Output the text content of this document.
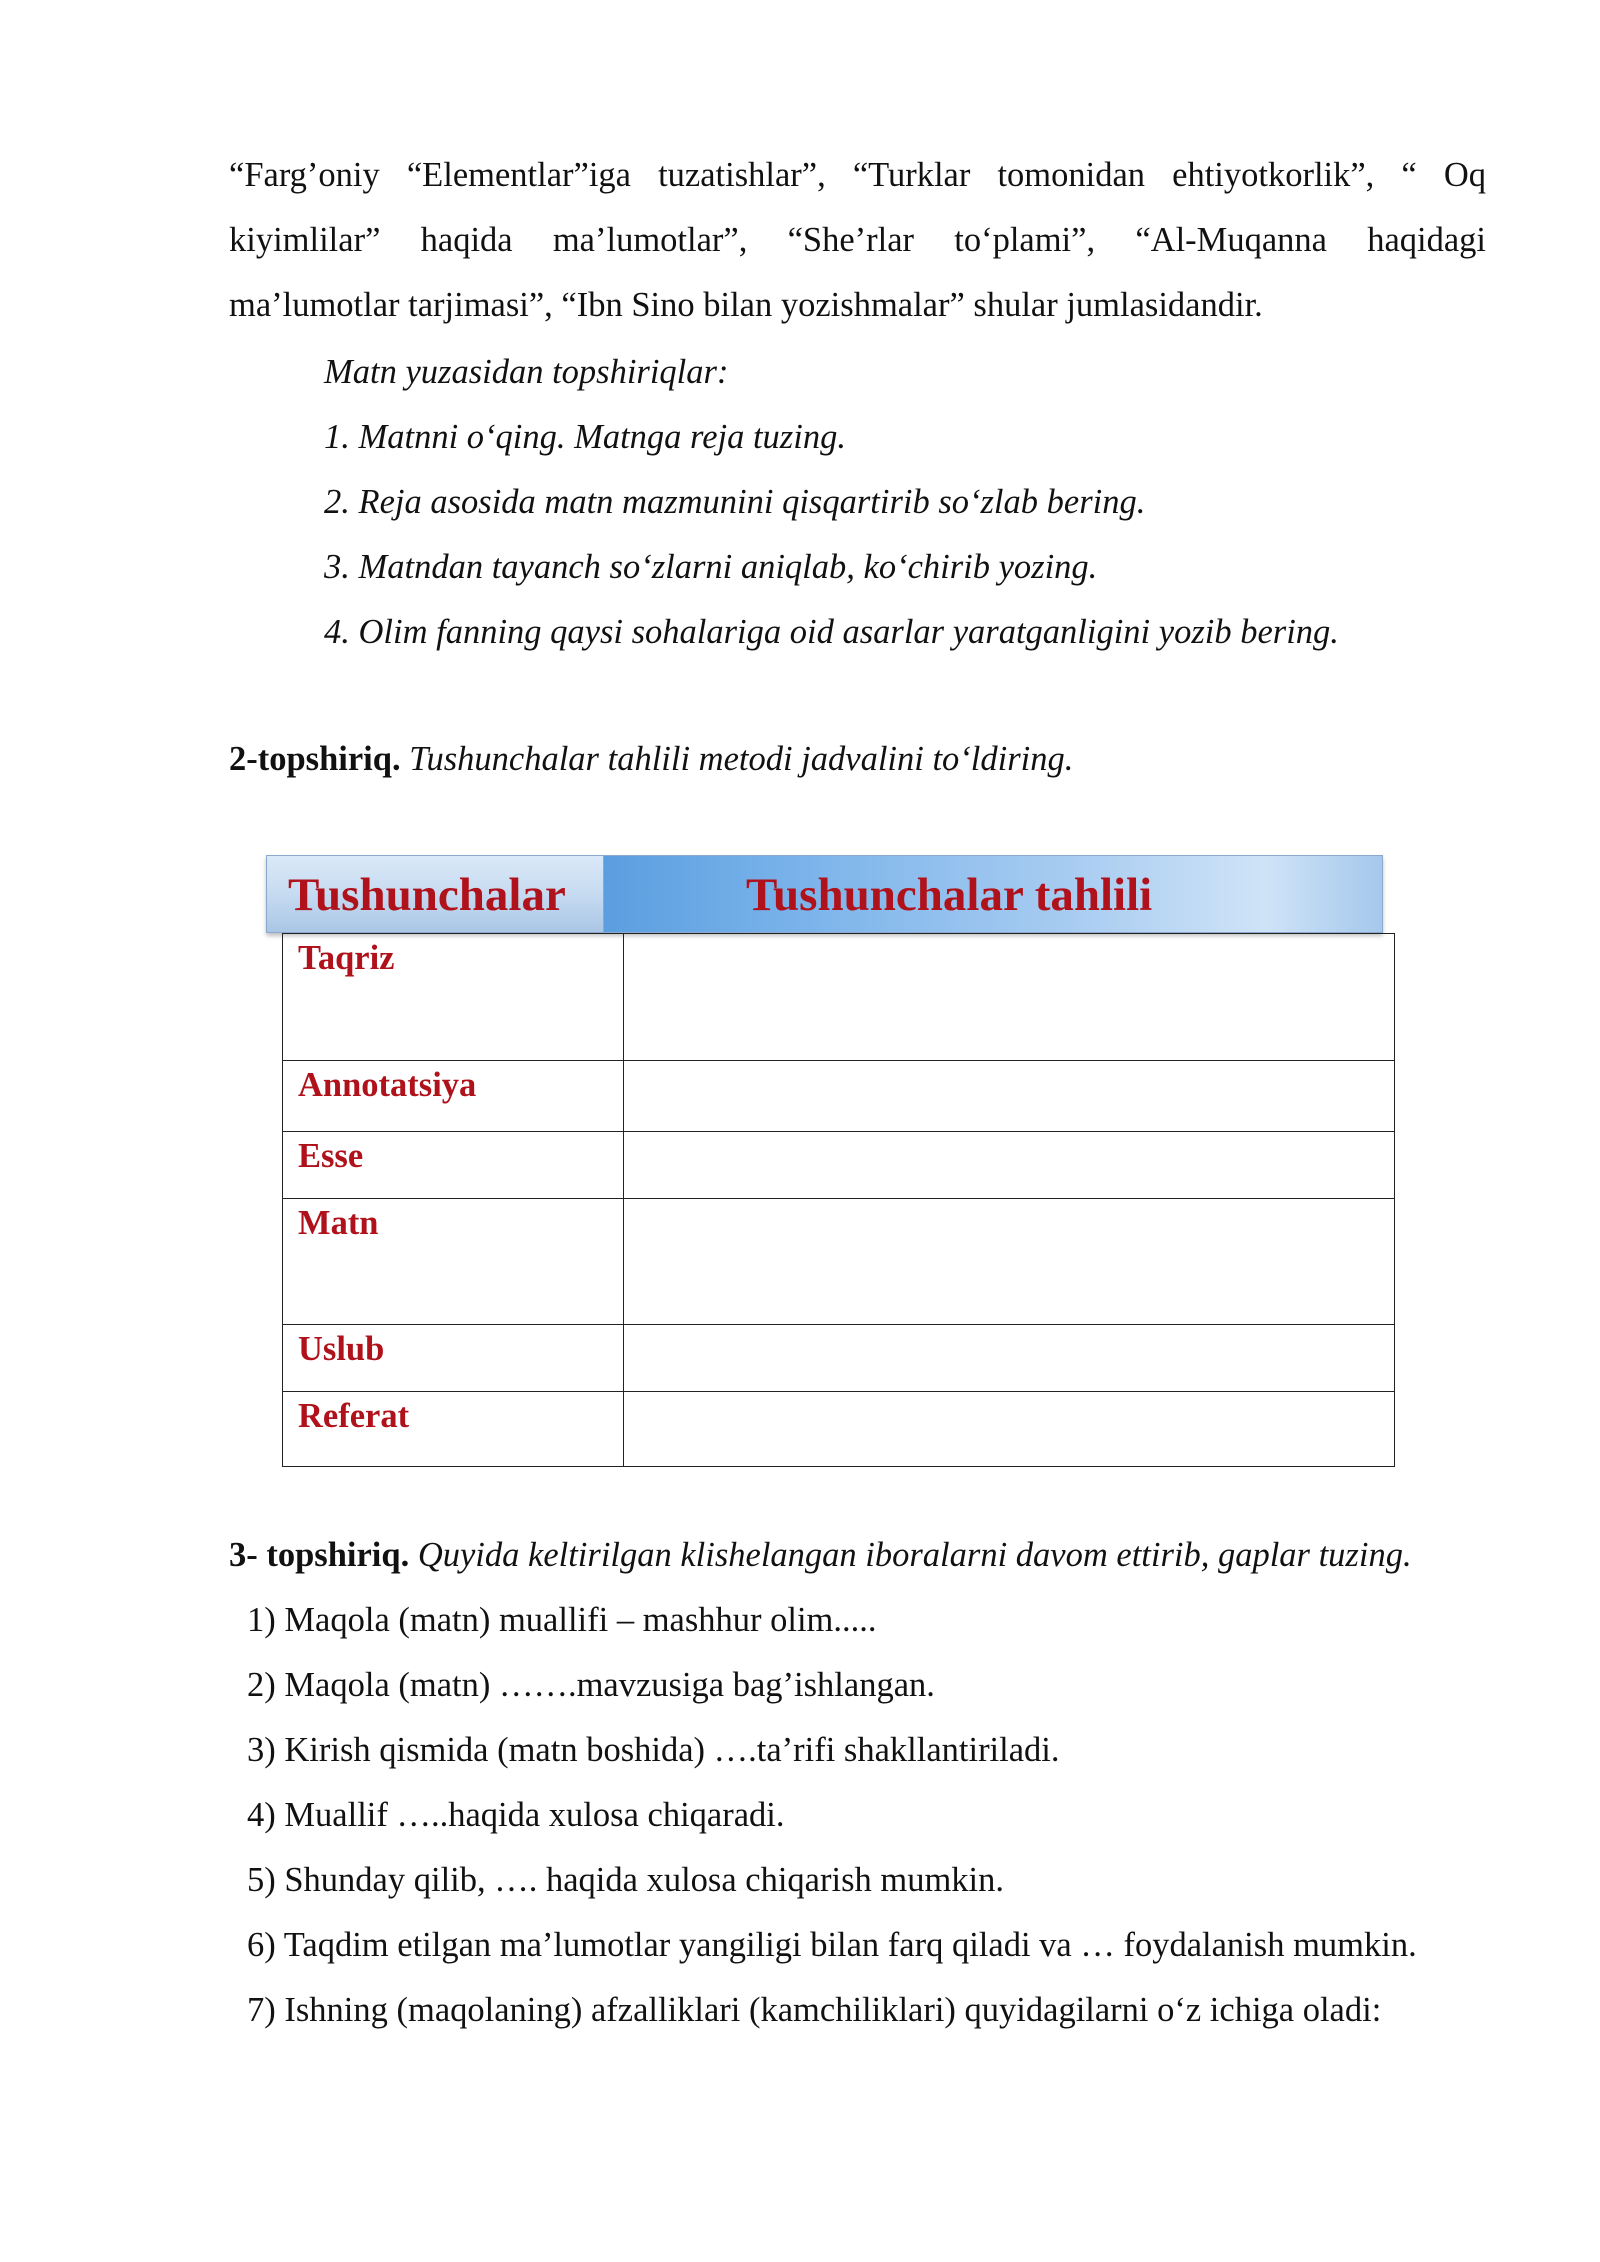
“Farg’oniy “Elementlar”iga tuzatishlar”, “Turklar tomonidan ehtiyotkorlik”, “ Oq
kiyimlilar” haqida ma’lumotlar”, “She’rlar to‘plami”, “Al-Muqanna haqidagi
ma’lumotlar tarjimasi”, “Ibn Sino bilan yozishmalar” shular jumlasidandir.
Matn yuzasidan topshiriqlar:
1. Matnni o‘qing. Matnga reja tuzing.
2. Reja asosida matn mazmunini qisqartirib so‘zlab bering.
3. Matndan tayanch so‘zlarni aniqlab, ko‘chirib yozing.
4. Olim fanning qaysi sohalariga oid asarlar yaratganligini yozib bering.
2-topshiriq. Tushunchalar tahlili metodi jadvalini to‘ldiring.
Tushunchalar	Tushunchalar tahlili
Taqriz	
Annotatsiya	
Esse	
Matn	
Uslub	
Referat	
3- topshiriq. Quyida keltirilgan klishelangan iboralarni davom ettirib, gaplar tuzing.
1) Maqola (matn) muallifi – mashhur olim.....
2) Maqola (matn) …….mavzusiga bag’ishlangan.
3) Kirish qismida (matn boshida) ….ta’rifi shakllantiriladi.
4) Muallif …..haqida xulosa chiqaradi.
5) Shunday qilib, …. haqida xulosa chiqarish mumkin.
6) Taqdim etilgan ma’lumotlar yangiligi bilan farq qiladi va … foydalanish mumkin.
7) Ishning (maqolaning) afzalliklari (kamchiliklari) quyidagilarni o‘z ichiga oladi:
